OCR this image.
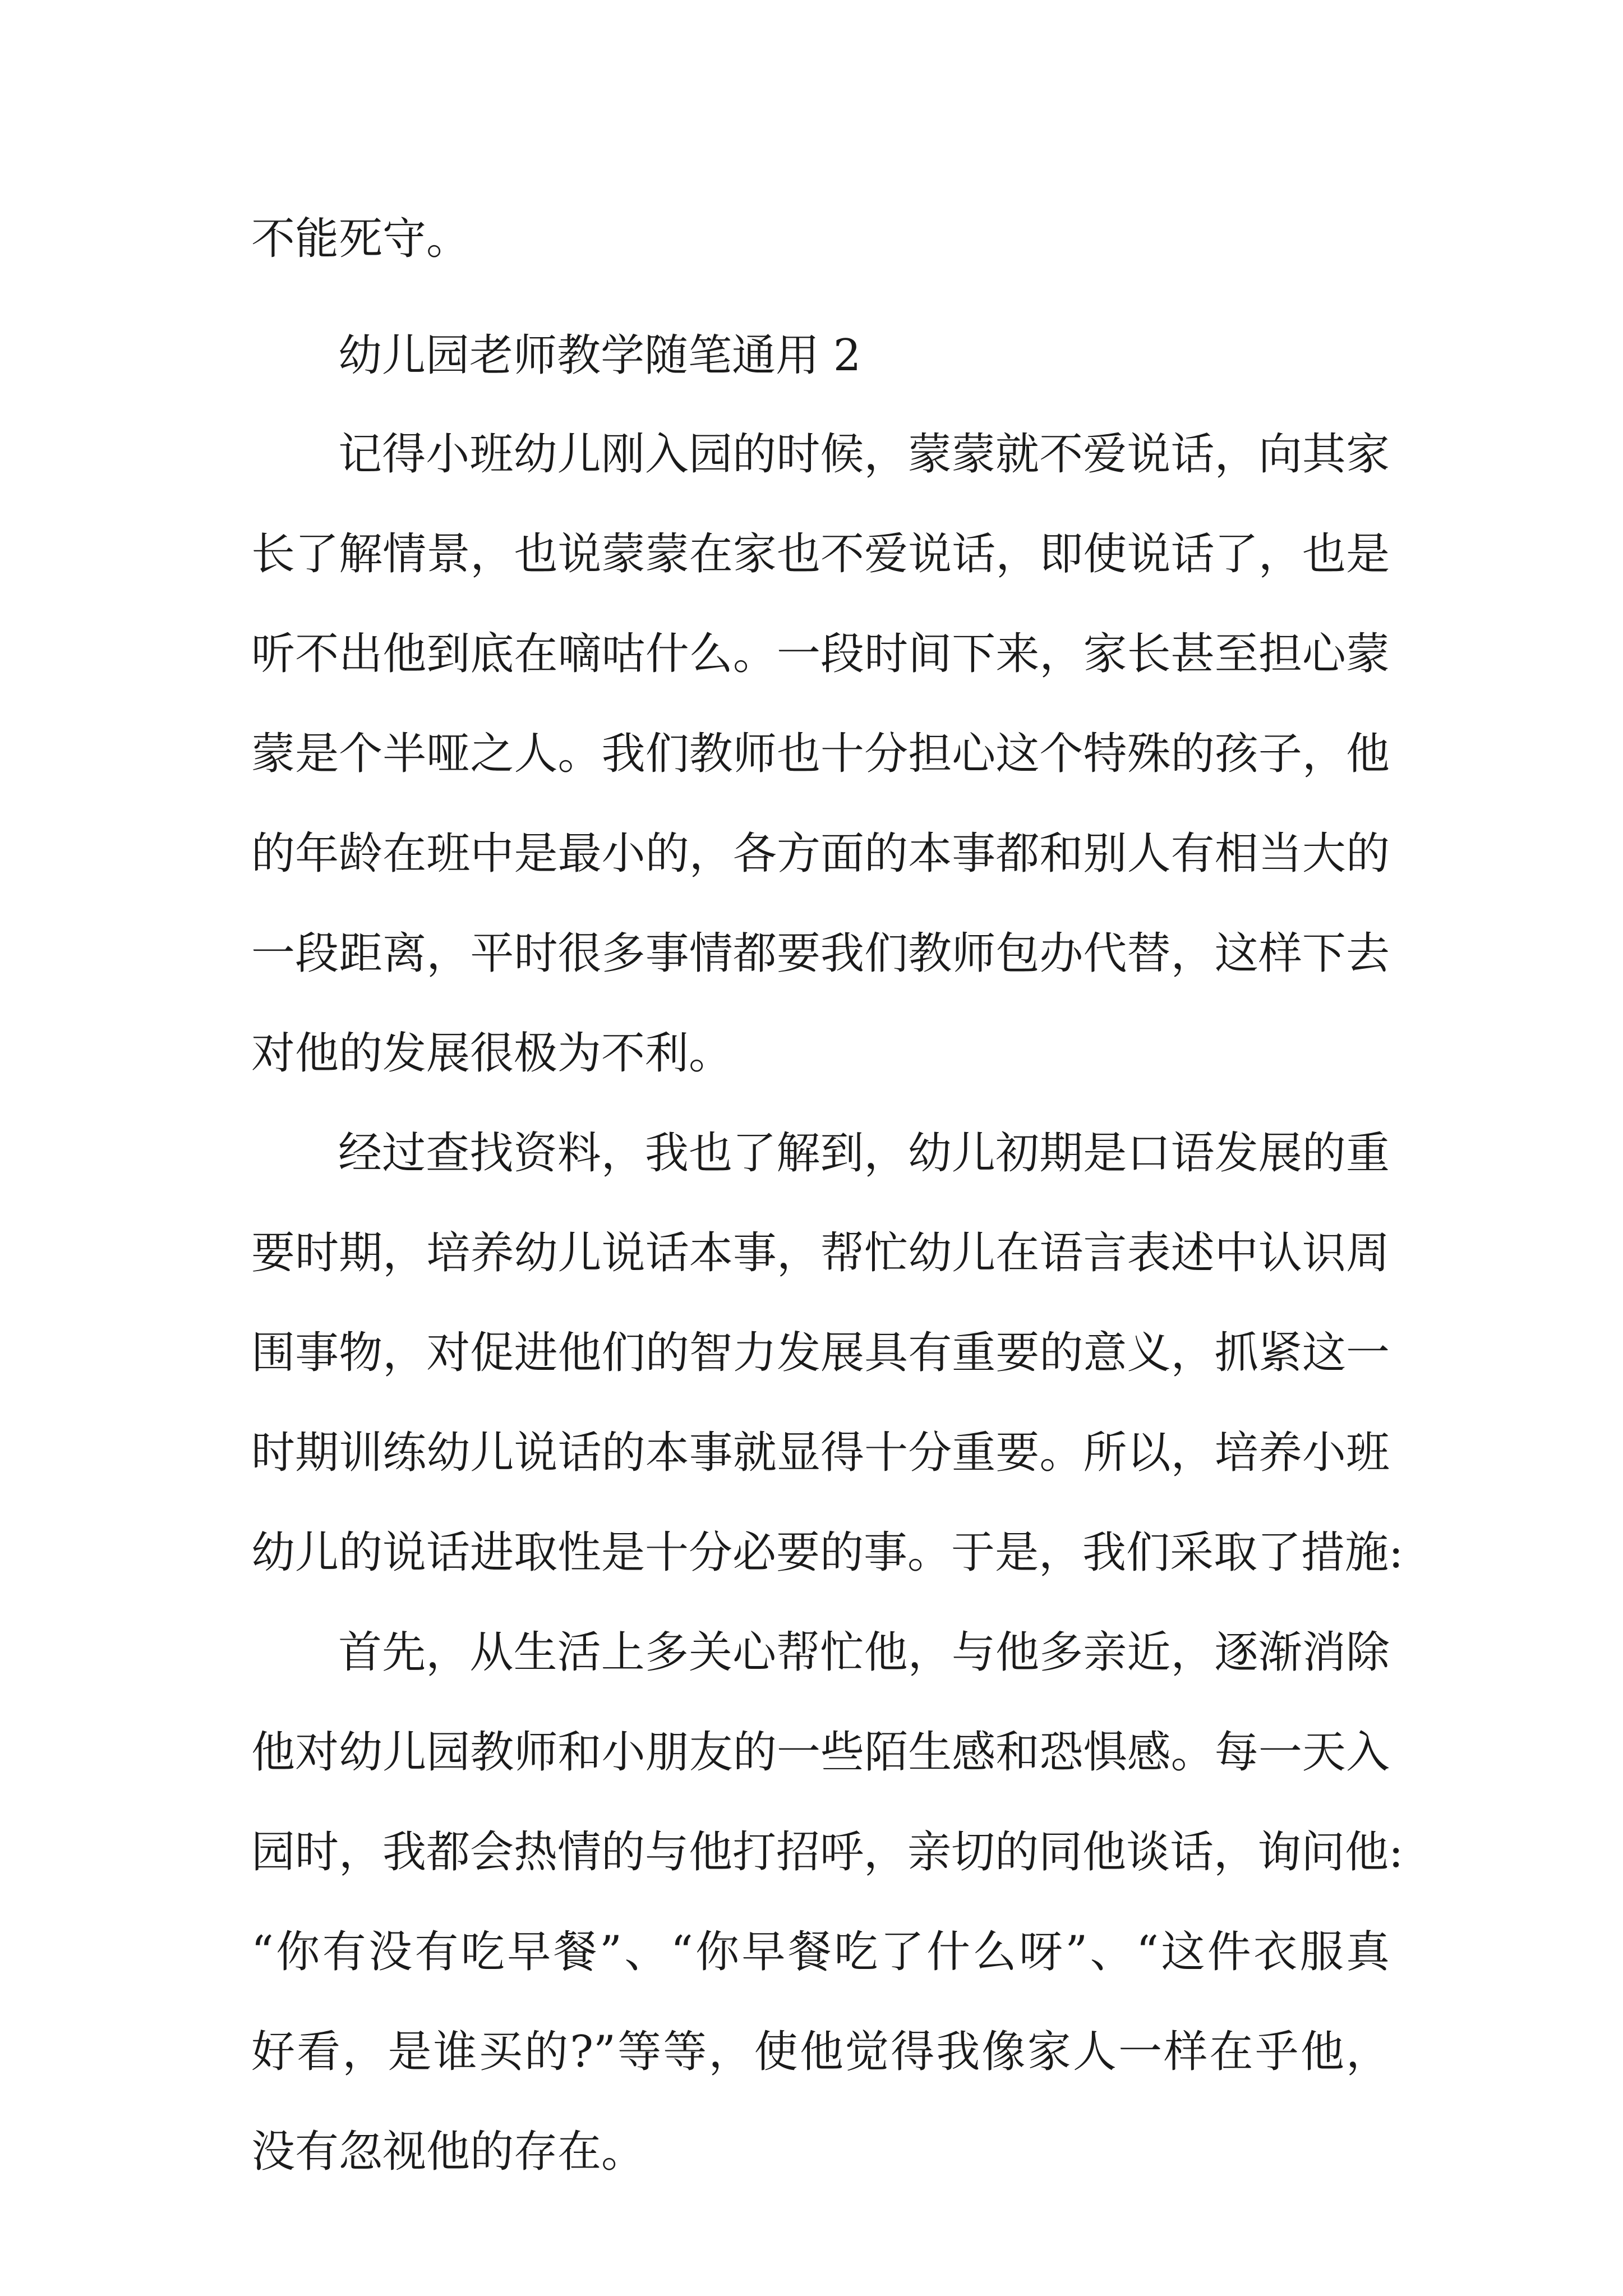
不能死守。
幼儿园老师教学随笔通用 2
记得小班幼儿刚入园的时候，蒙蒙就不爱说话，向其家
长了解情景，也说蒙蒙在家也不爱说话，即使说话了，也是
听不出他到底在嘀咕什么。一段时间下来，家长甚至担心蒙
蒙是个半哑之人。我们教师也十分担心这个特殊的孩子，他
的年龄在班中是最小的，各方面的本事都和别人有相当大的
一段距离，平时很多事情都要我们教师包办代替，这样下去
对他的发展很极为不利。
经过查找资料，我也了解到，幼儿初期是口语发展的重
要时期，培养幼儿说话本事，帮忙幼儿在语言表述中认识周
围事物，对促进他们的智力发展具有重要的意义，抓紧这一
时期训练幼儿说话的本事就显得十分重要。所以，培养小班
幼儿的说话进取性是十分必要的事。于是，我们采取了措施:
首先，从生活上多关心帮忙他，与他多亲近，逐渐消除
他对幼儿园教师和小朋友的一些陌生感和恐惧感。每一天入
园时，我都会热情的与他打招呼，亲切的同他谈话，询问他:
“你有没有吃早餐”、“你早餐吃了什么呀”、“这件衣服真
好看，是谁买的?”等等，使他觉得我像家人一样在乎他，
没有忽视他的存在。
